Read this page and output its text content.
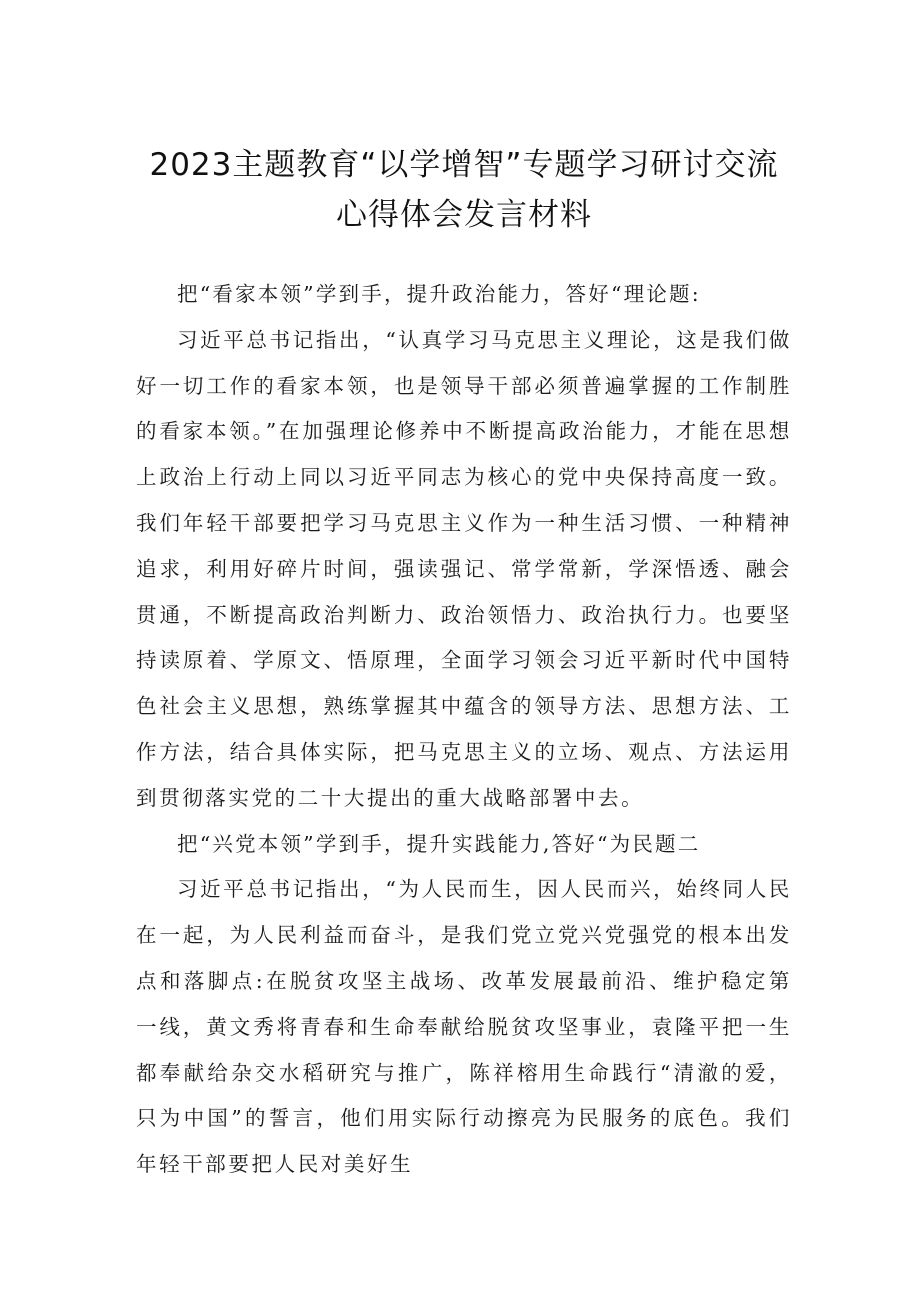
2023主题教育“以学增智”专题学习研讨交流
心得体会发言材料

把“看家本领”学到手，提升政治能力，答好“理论题:

习近平总书记指出，“认真学习马克思主义理论，这是我们做好一切工作的看家本领，也是领导干部必须普遍掌握的工作制胜的看家本领。”在加强理论修养中不断提高政治能力，才能在思想上政治上行动上同以习近平同志为核心的党中央保持高度一致。我们年轻干部要把学习马克思主义作为一种生活习惯、一种精神追求，利用好碎片时间，强读强记、常学常新，学深悟透、融会贯通，不断提高政治判断力、政治领悟力、政治执行力。也要坚持读原着、学原文、悟原理，全面学习领会习近平新时代中国特色社会主义思想，熟练掌握其中蕴含的领导方法、思想方法、工作方法，结合具体实际，把马克思主义的立场、观点、方法运用到贯彻落实党的二十大提出的重大战略部署中去。

把“兴党本领”学到手，提升实践能力,答好“为民题二

习近平总书记指出，“为人民而生，因人民而兴，始终同人民在一起，为人民利益而奋斗，是我们党立党兴党强党的根本出发点和落脚点:在脱贫攻坚主战场、改革发展最前沿、维护稳定第一线，黄文秀将青春和生命奉献给脱贫攻坚事业，袁隆平把一生都奉献给杂交水稻研究与推广，陈祥榕用生命践行“清澈的爱，只为中国”的誓言，他们用实际行动擦亮为民服务的底色。我们年轻干部要把人民对美好生
